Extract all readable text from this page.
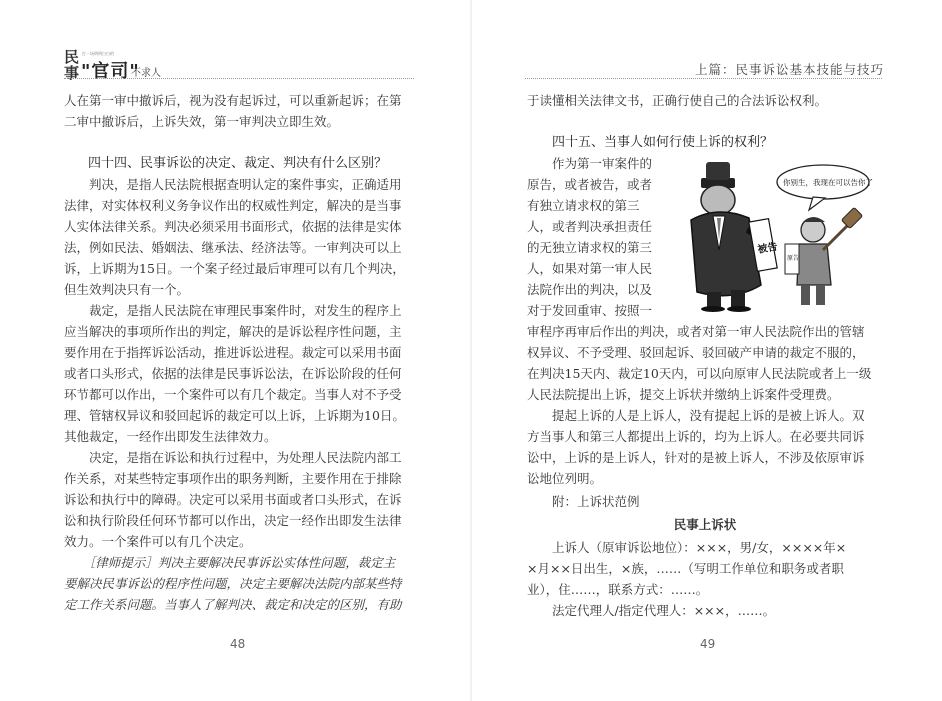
民
事
打一场明明白白的
"官司"
不求人

人在第一审中撤诉后，视为没有起诉过，可以重新起诉；在第

二审中撤诉后，上诉失效，第一审判决立即生效。

四十四、民事诉讼的决定、裁定、判决有什么区别？

　　判决，是指人民法院根据查明认定的案件事实，正确适用

法律，对实体权利义务争议作出的权威性判定，解决的是当事

人实体法律关系。判决必须采用书面形式，依据的法律是实体

法，例如民法、婚姻法、继承法、经济法等。一审判决可以上

诉，上诉期为15日。一个案子经过最后审理可以有几个判决，

但生效判决只有一个。

　　裁定，是指人民法院在审理民事案件时，对发生的程序上

应当解决的事项所作出的判定，解决的是诉讼程序性问题，主

要作用在于指挥诉讼活动，推进诉讼进程。裁定可以采用书面

或者口头形式，依据的法律是民事诉讼法，在诉讼阶段的任何

环节都可以作出，一个案件可以有几个裁定。当事人对不予受

理、管辖权异议和驳回起诉的裁定可以上诉，上诉期为10日。

其他裁定，一经作出即发生法律效力。

　　决定，是指在诉讼和执行过程中，为处理人民法院内部工

作关系，对某些特定事项作出的职务判断，主要作用在于排除

诉讼和执行中的障碍。决定可以采用书面或者口头形式，在诉

讼和执行阶段任何环节都可以作出，决定一经作出即发生法律

效力。一个案件可以有几个决定。

　　［律师提示］判决主要解决民事诉讼实体性问题，裁定主

要解决民事诉讼的程序性问题，决定主要解决法院内部某些特

定工作关系问题。当事人了解判决、裁定和决定的区别，有助

48
上篇：民事诉讼基本技能与技巧

于读懂相关法律文书，正确行使自己的合法诉讼权利。

四十五、当事人如何行使上诉的权利？

　　作为第一审案件的

原告，或者被告，或者

有独立请求权的第三

人，或者判决承担责任

的无独立请求权的第三

人，如果对第一审人民

法院作出的判决，以及

对于发回重审、按照一

被告
原告
你别生，我现在可以告你了

审程序再审后作出的判决，或者对第一审人民法院作出的管辖

权异议、不予受理、驳回起诉、驳回破产申请的裁定不服的，

在判决15天内、裁定10天内，可以向原审人民法院或者上一级

人民法院提出上诉，提交上诉状并缴纳上诉案件受理费。

　　提起上诉的人是上诉人，没有提起上诉的是被上诉人。双

方当事人和第三人都提出上诉的，均为上诉人。在必要共同诉

讼中，上诉的是上诉人，针对的是被上诉人，不涉及依原审诉

讼地位列明。

　　附：上诉状范例

民事上诉状

　　上诉人（原审诉讼地位）：×××，男/女，××××年×

×月××日出生，×族，……（写明工作单位和职务或者职

业），住……，联系方式：……。

　　法定代理人/指定代理人：×××，……。

49
